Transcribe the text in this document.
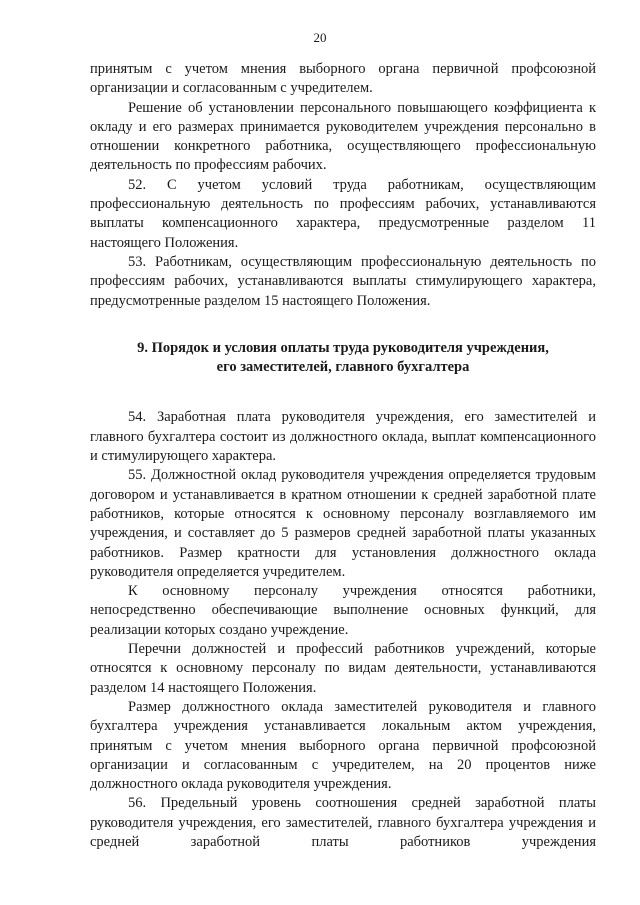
20

принятым с учетом мнения выборного органа первичной профсоюзной организации и согласованным с учредителем.

Решение об установлении персонального повышающего коэффициента к окладу и его размерах принимается руководителем учреждения персонально в отношении конкретного работника, осуществляющего профессиональную деятельность по профессиям рабочих.

52. С учетом условий труда работникам, осуществляющим профессиональную деятельность по профессиям рабочих, устанавливаются выплаты компенсационного характера, предусмотренные разделом 11 настоящего Положения.

53. Работникам, осуществляющим профессиональную деятельность по профессиям рабочих, устанавливаются выплаты стимулирующего характера, предусмотренные разделом 15 настоящего Положения.

9. Порядок и условия оплаты труда руководителя учреждения,
его заместителей, главного бухгалтера

54. Заработная плата руководителя учреждения, его заместителей и главного бухгалтера состоит из должностного оклада, выплат компенсационного и стимулирующего характера.

55. Должностной оклад руководителя учреждения определяется трудовым договором и устанавливается в кратном отношении к средней заработной плате работников, которые относятся к основному персоналу возглавляемого им учреждения, и составляет до 5 размеров средней заработной платы указанных работников. Размер кратности для установления должностного оклада руководителя определяется учредителем.

К основному персоналу учреждения относятся работники, непосредственно обеспечивающие выполнение основных функций, для реализации которых создано учреждение.

Перечни должностей и профессий работников учреждений, которые относятся к основному персоналу по видам деятельности, устанавливаются разделом 14 настоящего Положения.

Размер должностного оклада заместителей руководителя и главного бухгалтера учреждения устанавливается локальным актом учреждения, принятым с учетом мнения выборного органа первичной профсоюзной организации и согласованным с учредителем, на 20 процентов ниже должностного оклада руководителя учреждения.

56. Предельный уровень соотношения средней заработной платы руководителя учреждения, его заместителей, главного бухгалтера учреждения и средней заработной платы работников учреждения
